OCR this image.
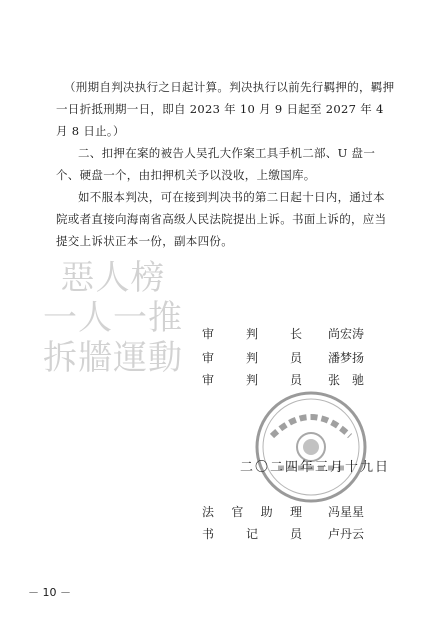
（刑期自判决执行之日起计算。判决执行以前先行羁押的，羁押一日折抵刑期一日，即自 2023 年 10 月 9 日起至 2027 年 4 月 8 日止。）

二、扣押在案的被告人吴孔大作案工具手机二部、U 盘一个、硬盘一个，由扣押机关予以没收，上缴国库。

如不服本判决，可在接到判决书的第二日起十日内，通过本院或者直接向海南省高级人民法院提出上诉。书面上诉的，应当提交上诉状正本一份，副本四份。

惡人榜
一人一推
拆牆運動
审	判	长 尚宏涛
审	判	员 潘梦扬
审	判	员 张　驰
二〇二四年三月十九日
法 官 助 理 冯星星
书	记	员 卢丹云
－ 10 －
